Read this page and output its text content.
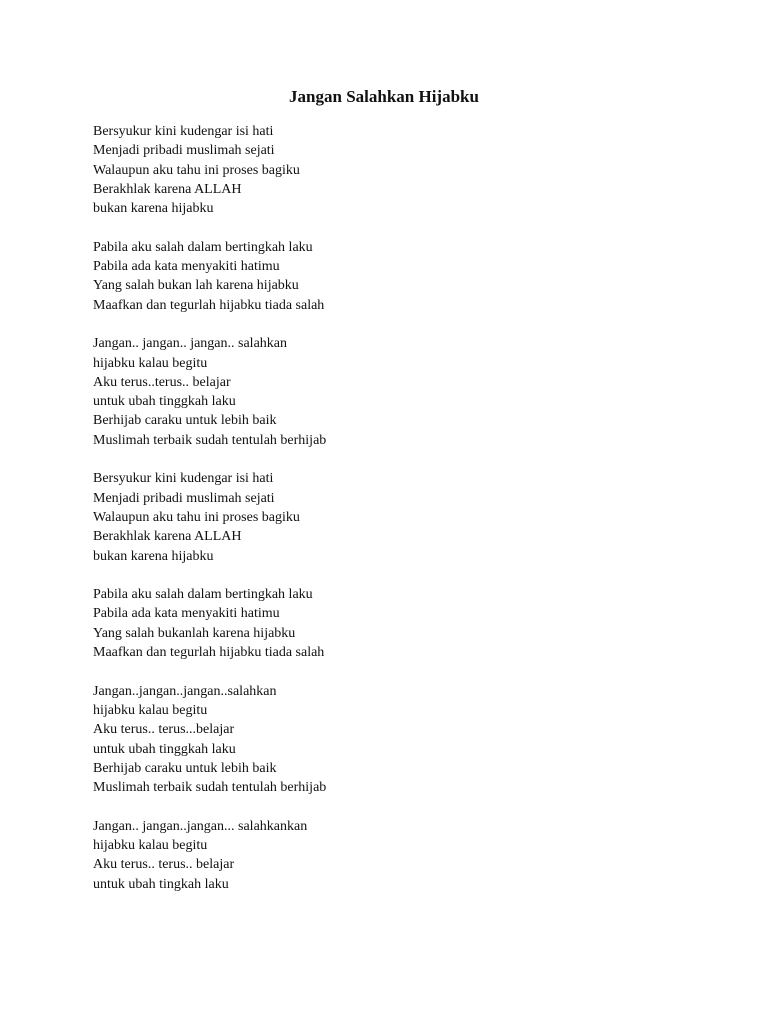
Jangan Salahkan Hijabku
Bersyukur kini kudengar isi hati
Menjadi pribadi muslimah sejati
Walaupun aku tahu ini proses bagiku
Berakhlak karena ALLAH
bukan karena hijabku
Pabila aku salah dalam bertingkah laku
Pabila ada kata menyakiti hatimu
Yang salah bukan lah karena hijabku
Maafkan dan tegurlah hijabku tiada salah
Jangan.. jangan.. jangan.. salahkan
hijabku kalau begitu
Aku terus..terus.. belajar
untuk ubah tinggkah laku
Berhijab caraku untuk lebih baik
Muslimah terbaik sudah tentulah berhijab
Bersyukur kini kudengar isi hati
Menjadi pribadi muslimah sejati
Walaupun aku tahu ini proses bagiku
Berakhlak karena ALLAH
bukan karena hijabku
Pabila aku salah dalam bertingkah laku
Pabila ada kata menyakiti hatimu
Yang salah bukanlah karena hijabku
Maafkan dan tegurlah hijabku tiada salah
Jangan..jangan..jangan..salahkan
hijabku kalau begitu
Aku terus.. terus...belajar
untuk ubah tinggkah laku
Berhijab caraku untuk lebih baik
Muslimah terbaik sudah tentulah berhijab
Jangan.. jangan..jangan... salahkankan
hijabku kalau begitu
Aku terus.. terus.. belajar
untuk ubah tingkah laku
